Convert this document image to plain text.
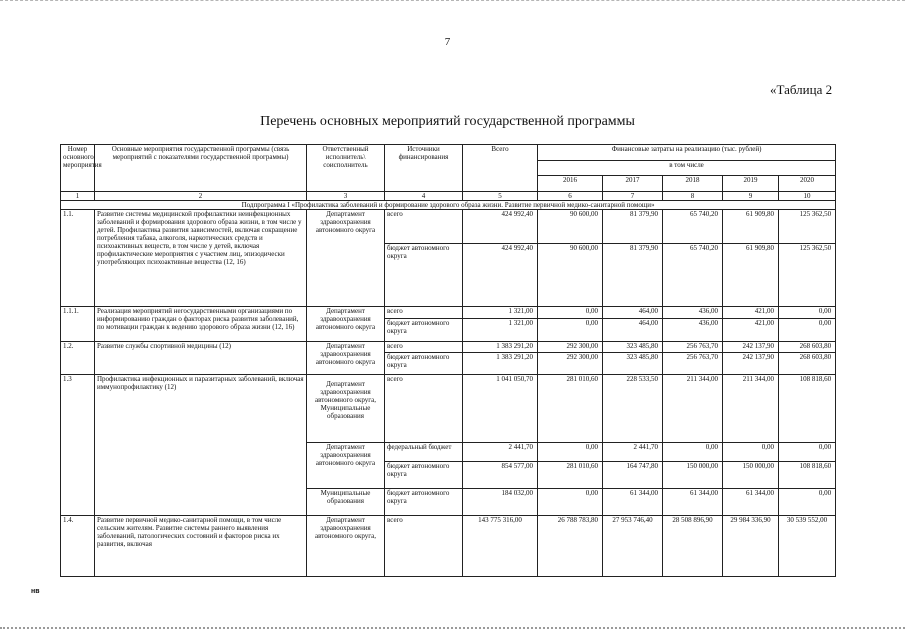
7
«Таблица 2
Перечень основных мероприятий государственной программы
Номер основного мероприятия	Основные мероприятия государственной программы (связь мероприятий с показателями государственной программы)	Ответственный исполнитель\ соисполнитель	Источники финансирования	Всего	Финансовые затраты на реализацию (тыс. рублей)				
					в том числе				
					2016	2017	2018	2019	2020
1	2	3	4	5	6	7	8	9	10
Подпрограмма I «Профилактика заболеваний и формирование здорового образа жизни. Развитие первичной медико-санитарной помощи»									
1.1.	Развитие системы медицинской профилактики неинфекционных заболеваний и формирования здорового образа жизни, в том числе у детей. Профилактика развития зависимостей, включая сокращение потребления табака, алкоголя, наркотических средств и психоактивных веществ, в том числе у детей, включая профилактические мероприятия с участием лиц, эпизодически употребляющих психоактивные вещества (12, 16)	Департамент здравоохранения автономного округа	всего	424 992,40	90 600,00	81 379,90	65 740,20	61 909,80	125 362,50
			бюджет автономного округа	424 992,40	90 600,00	81 379,90	65 740,20	61 909,80	125 362,50
1.1.1.	Реализация мероприятий негосударственными организациями по информированию граждан о факторах риска развития заболеваний, по мотивации граждан к ведению здорового образа жизни (12, 16)	Департамент здравоохранения автономного округа	всего	1 321,00	0,00	464,00	436,00	421,00	0,00
			бюджет автономного округа	1 321,00	0,00	464,00	436,00	421,00	0,00
1.2.	Развитие службы спортивной медицины (12)	Департамент здравоохранения автономного округа	всего	1 383 291,20	292 300,00	323 485,80	256 763,70	242 137,90	268 603,80
			бюджет автономного округа	1 383 291,20	292 300,00	323 485,80	256 763,70	242 137,90	268 603,80
1.3	Профилактика инфекционных и паразитарных заболеваний, включая иммунопрофилактику (12)	Департамент здравоохранения автономного округа, Муниципальные образования	всего	1 041 050,70	281 010,60	228 533,50	211 344,00	211 344,00	108 818,60
		Департамент здравоохранения автономного округа	федеральный бюджет	2 441,70	0,00	2 441,70	0,00	0,00	0,00
			бюджет автономного округа	854 577,00	281 010,60	164 747,80	150 000,00	150 000,00	108 818,60
		Муниципальные образования	бюджет автономного округа	184 032,00	0,00	61 344,00	61 344,00	61 344,00	0,00
1.4.	Развитие первичной медико-санитарной помощи, в том числе сельским жителям. Развитие системы раннего выявления заболеваний, патологических состояний и факторов риска их развития, включая	Департамент здравоохранения автономного округа,	всего	143 775 316,00	26 788 783,80	27 953 746,40	28 508 896,90	29 984 336,90	30 539 552,00
нв
